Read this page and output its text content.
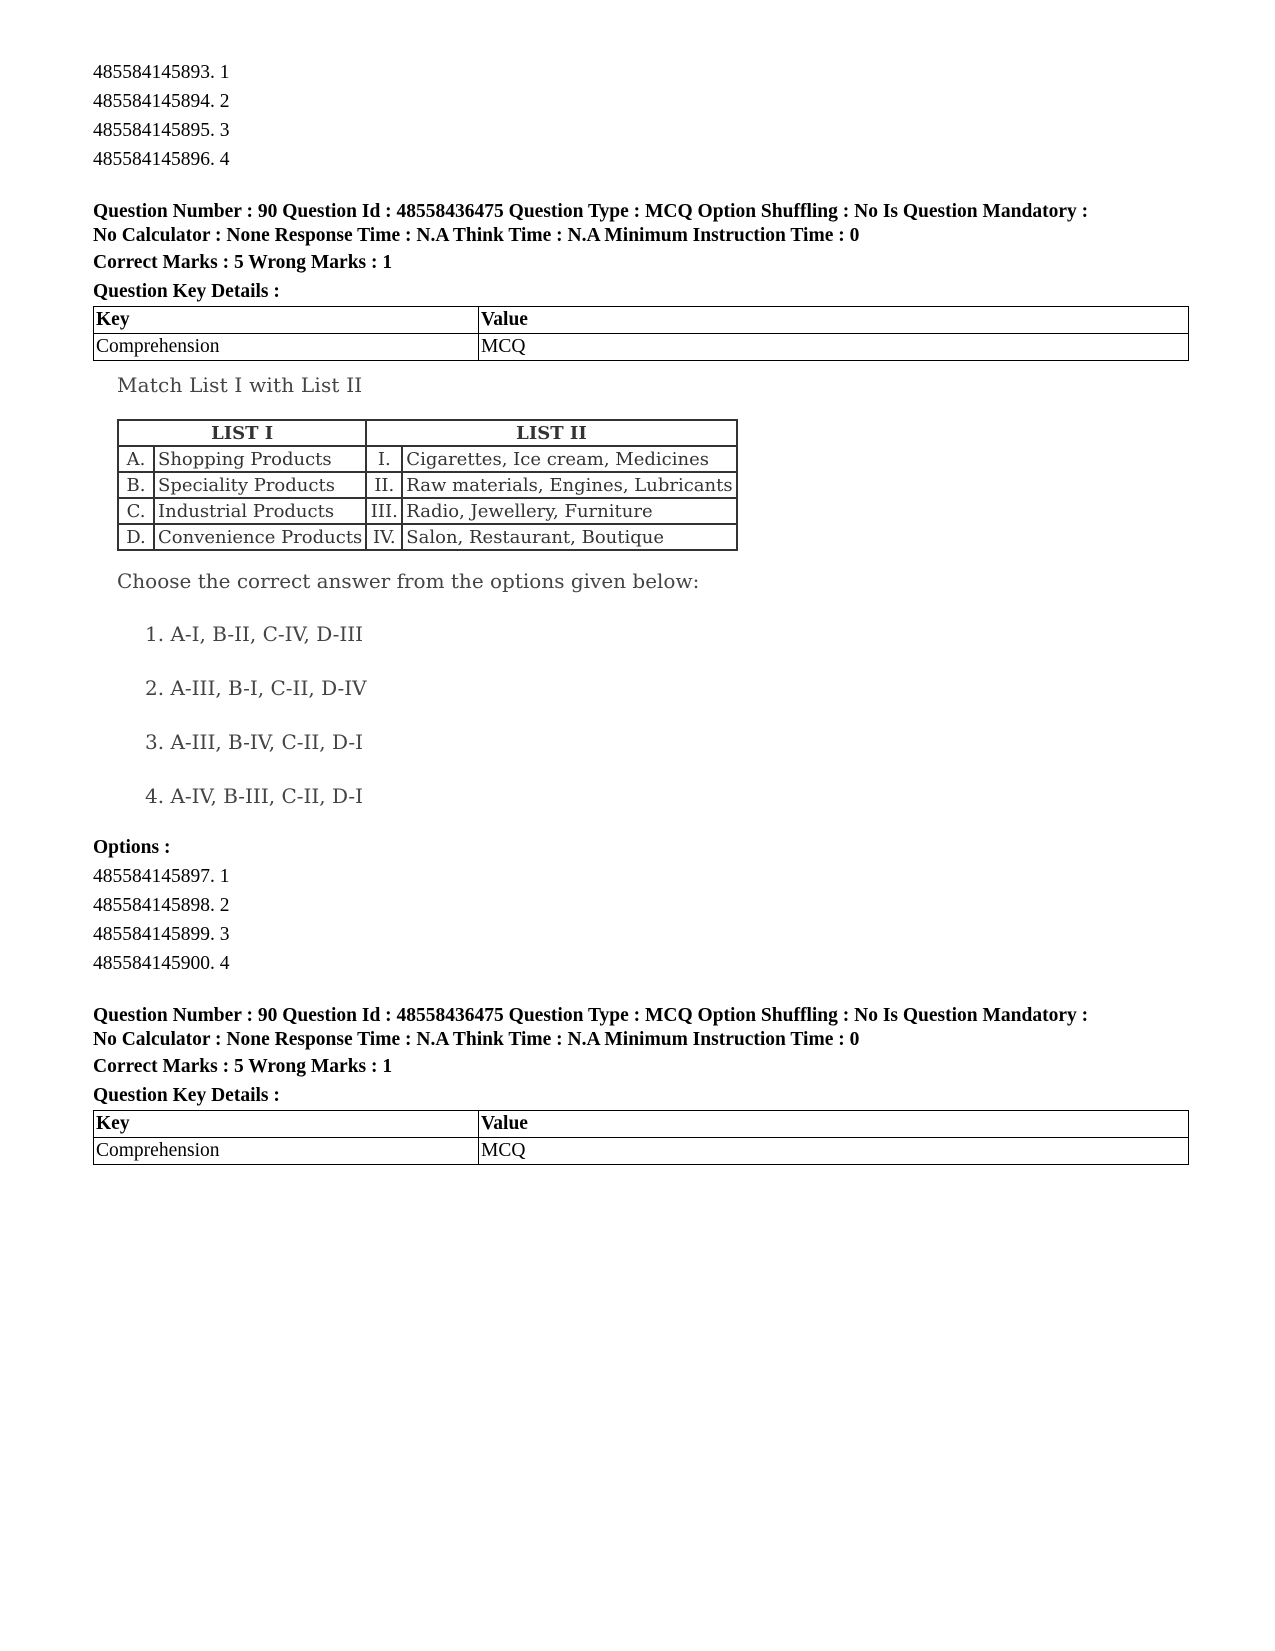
485584145893. 1
485584145894. 2
485584145895. 3
485584145896. 4
Question Number : 90 Question Id : 48558436475 Question Type : MCQ Option Shuffling : No Is Question Mandatory :
No Calculator : None Response Time : N.A Think Time : N.A Minimum Instruction Time : 0
Correct Marks : 5 Wrong Marks : 1
Question Key Details :
Key	Value
Comprehension	MCQ
Match List I with List II
LIST I		LIST II	
A.	Shopping Products	I.	Cigarettes, Ice cream, Medicines
B.	Speciality Products	II.	Raw materials, Engines, Lubricants
C.	Industrial Products	III.	Radio, Jewellery, Furniture
D.	Convenience Products	IV.	Salon, Restaurant, Boutique
Choose the correct answer from the options given below:
1. A-I, B-II, C-IV, D-III
2. A-III, B-I, C-II, D-IV
3. A-III, B-IV, C-II, D-I
4. A-IV, B-III, C-II, D-I
Options :
485584145897. 1
485584145898. 2
485584145899. 3
485584145900. 4
Question Number : 90 Question Id : 48558436475 Question Type : MCQ Option Shuffling : No Is Question Mandatory :
No Calculator : None Response Time : N.A Think Time : N.A Minimum Instruction Time : 0
Correct Marks : 5 Wrong Marks : 1
Question Key Details :
Key	Value
Comprehension	MCQ
